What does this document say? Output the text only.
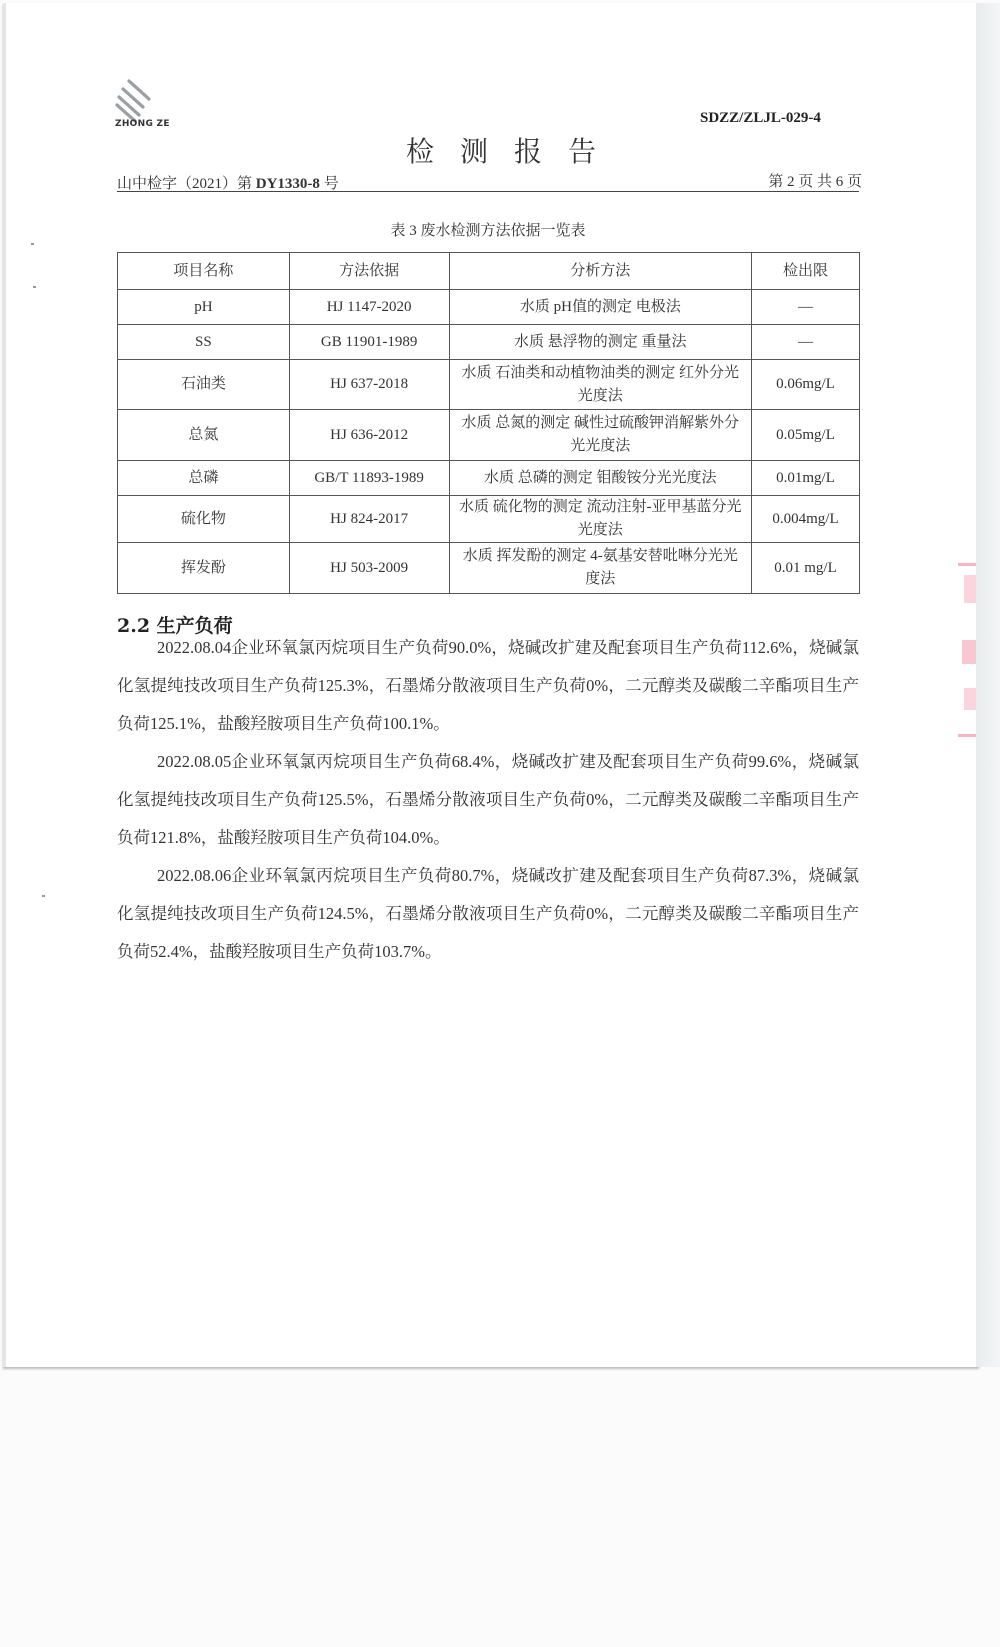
ZHONG ZE	SDZZ/ZLJL-029-4
检测报告
山中检字（2021）第 DY1330-8 号	第 2 页 共 6 页
表 3 废水检测方法依据一览表
项目名称	方法依据	分析方法	检出限
pH	HJ 1147-2020	水质 pH值的测定 电极法	—
SS	GB 11901-1989	水质 悬浮物的测定 重量法	—
石油类	HJ 637-2018	水质 石油类和动植物油类的测定 红外分光光度法	0.06mg/L
总氮	HJ 636-2012	水质 总氮的测定 碱性过硫酸钾消解紫外分光光度法	0.05mg/L
总磷	GB/T 11893-1989	水质 总磷的测定 钼酸铵分光光度法	0.01mg/L
硫化物	HJ 824-2017	水质 硫化物的测定 流动注射-亚甲基蓝分光光度法	0.004mg/L
挥发酚	HJ 503-2009	水质 挥发酚的测定 4-氨基安替吡啉分光光度法	0.01 mg/L
2.2 生产负荷

2022.08.04企业环氧氯丙烷项目生产负荷90.0%，烧碱改扩建及配套项目生产负荷112.6%，烧碱氯化氢提纯技改项目生产负荷125.3%，石墨烯分散液项目生产负荷0%，二元醇类及碳酸二辛酯项目生产负荷125.1%，盐酸羟胺项目生产负荷100.1%。

2022.08.05企业环氧氯丙烷项目生产负荷68.4%，烧碱改扩建及配套项目生产负荷99.6%，烧碱氯化氢提纯技改项目生产负荷125.5%，石墨烯分散液项目生产负荷0%，二元醇类及碳酸二辛酯项目生产负荷121.8%，盐酸羟胺项目生产负荷104.0%。

2022.08.06企业环氧氯丙烷项目生产负荷80.7%，烧碱改扩建及配套项目生产负荷87.3%，烧碱氯化氢提纯技改项目生产负荷124.5%，石墨烯分散液项目生产负荷0%，二元醇类及碳酸二辛酯项目生产负荷52.4%，盐酸羟胺项目生产负荷103.7%。
